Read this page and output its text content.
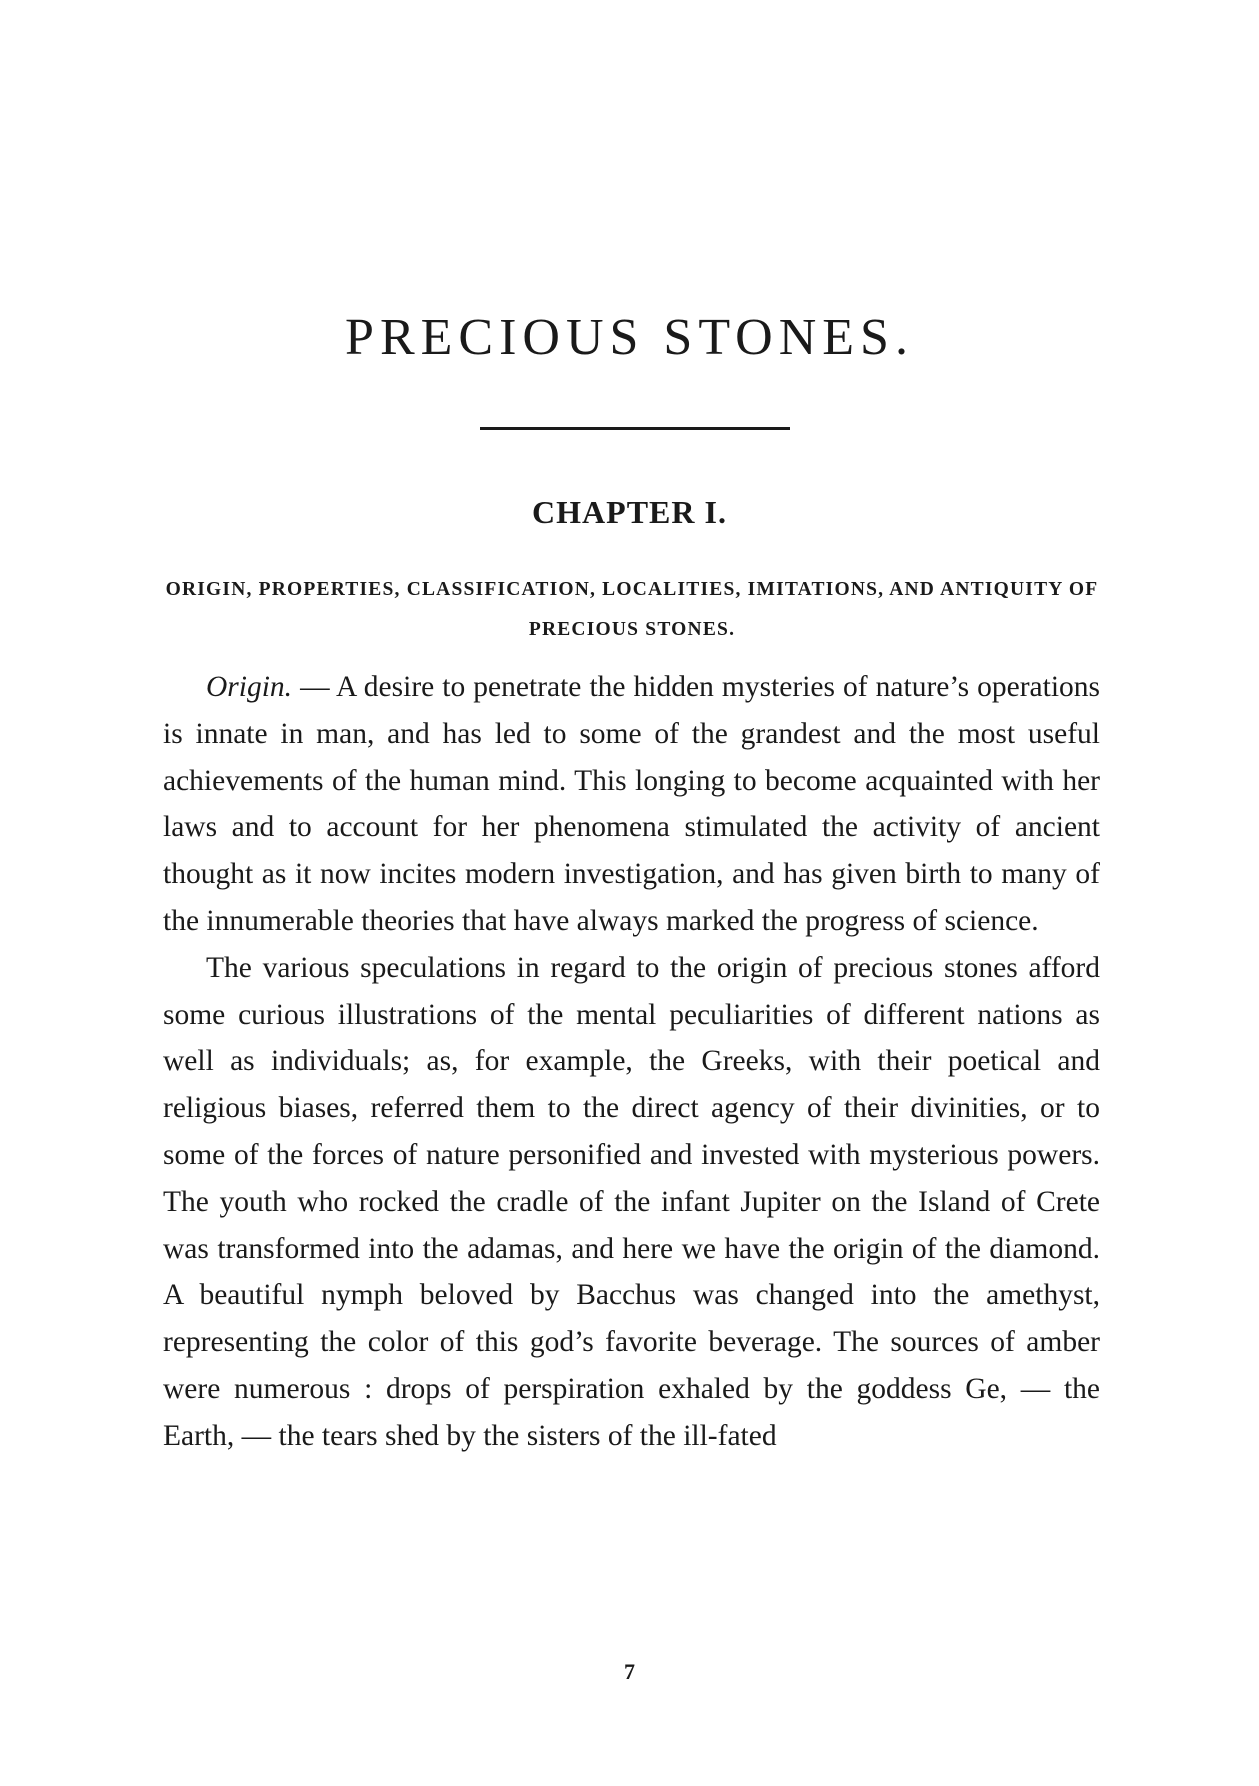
PRECIOUS STONES.
CHAPTER I.

ORIGIN, PROPERTIES, CLASSIFICATION, LOCALITIES, IMITATIONS, AND ANTIQUITY OF PRECIOUS STONES.

Origin. — A desire to penetrate the hidden mysteries of nature’s operations is innate in man, and has led to some of the grandest and the most useful achievements of the human mind. This longing to become acquainted with her laws and to account for her phenomena stimulated the activity of ancient thought as it now incites modern investigation, and has given birth to many of the innumerable theories that have always marked the progress of science.

The various speculations in regard to the origin of precious stones afford some curious illustrations of the mental peculiarities of different nations as well as individuals; as, for example, the Greeks, with their poetical and religious biases, referred them to the direct agency of their divinities, or to some of the forces of nature personified and invested with mysterious powers. The youth who rocked the cradle of the infant Jupiter on the Island of Crete was transformed into the adamas, and here we have the origin of the diamond. A beautiful nymph beloved by Bacchus was changed into the amethyst, representing the color of this god’s favorite beverage. The sources of amber were numerous : drops of perspiration exhaled by the goddess Ge, — the Earth, — the tears shed by the sisters of the ill-fated

7
